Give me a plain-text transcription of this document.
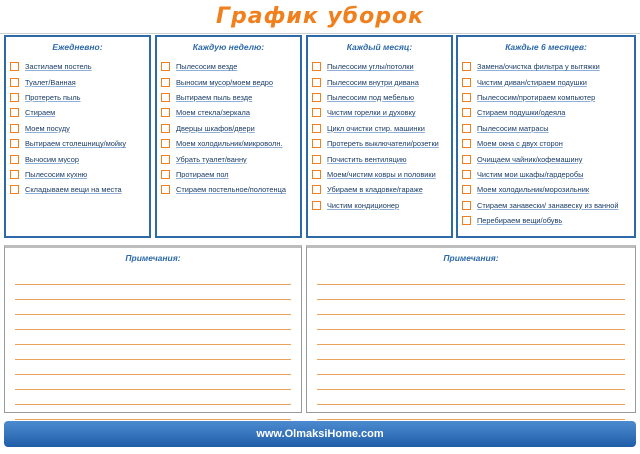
График уборок
Ежедневно:
Застилаем постель
Туалет/Ванная
Протереть пыль
Стираем
Моем посуду
Вытираем столешницу/мойку
Вычосим мусор
Пылесосим кухню
Складываем вещи на места
Каждую неделю:
Пылесосим везде
Выносим мусор/моем ведро
Вытираем пыль везде
Моем стекла/зеркала
Дверцы шкафов/двери
Моем холодильник/микроволн.
Убрать туалет/ванну
Протираем пол
Стираем постельное/полотенца
Каждый месяц:
Пылесосим углы/потолки
Пылесосим внутри дивана
Пылесосим под мебелью
Чистим горелки и духовку
Цикл очистки стир. машинки
Протереть выключатели/розетки
Почистить вентиляцию
Моем/чистим ковры и половики
Убираем в кладовке/гараже
Чистим кондиционер
Каждые 6 месяцев:
Замена/очистка фильтра у вытяжки
Чистим диван/стираем подушки
Пылесосим/протираем компьютер
Стираем подушки/одеяла
Пылесосим матрасы
Моем окна с двух сторон
Очищаем чайник/кофемашину
Чистим мои шкафы/гардеробы
Моем холодильник/морозильник
Стираем занавески/ занавеску из ванной
Перебираем вещи/обувь
Примечания:	Примечания:
www.OlmaksiHome.com
